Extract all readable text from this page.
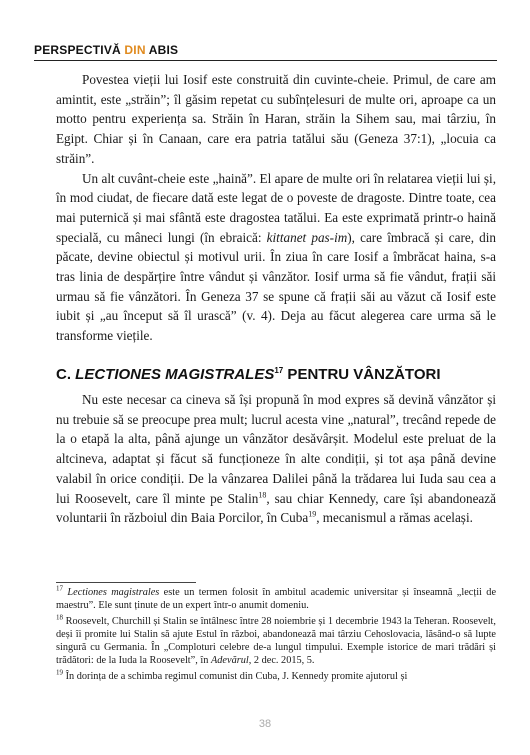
PERSPECTIVĂ DIN ABIS

Povestea vieții lui Iosif este construită din cuvinte-cheie. Primul, de care am amintit, este „străin”; îl găsim repetat cu subînțelesuri de multe ori, aproape ca un motto pentru experiența sa. Străin în Haran, străin la Sihem sau, mai târziu, în Egipt. Chiar și în Canaan, care era patria tatălui său (Geneza 37:1), „locuia ca străin”.

Un alt cuvânt-cheie este „haină”. El apare de multe ori în relatarea vieții lui și, în mod ciudat, de fiecare dată este legat de o poveste de dragoste. Dintre toate, cea mai puternică și mai sfântă este dragostea tatălui. Ea este exprimată printr-o haină specială, cu mâneci lungi (în ebraică: kittanet pas-im), care îmbracă și care, din păcate, devine obiectul și motivul urii. În ziua în care Iosif a îmbrăcat haina, s-a tras linia de despărțire între vândut și vânzător. Iosif urma să fie vândut, frații săi urmau să fie vânzători. În Geneza 37 se spune că frații săi au văzut că Iosif este iubit și „au început să îl urască” (v. 4). Deja au făcut alegerea care urma să le transforme viețile.

C. LECTIONES MAGISTRALES$^{17}$ PENTRU VÂNZĂTORI

Nu este necesar ca cineva să își propună în mod expres să devină vânzător și nu trebuie să se preocupe prea mult; lucrul acesta vine „natural”, trecând repede de la o etapă la alta, până ajunge un vânzător desăvârșit. Modelul este preluat de la altcineva, adaptat și făcut să funcționeze în alte condiții, și tot așa până devine valabil în orice condiții. De la vânzarea Dalilei până la trădarea lui Iuda sau cea a lui Roosevelt, care îl minte pe Stalin$^{18}$, sau chiar Kennedy, care își abandonează voluntarii în războiul din Baia Porcilor, în Cuba$^{19}$, mecanismul a rămas același.

$^{17}$ Lectiones magistrales este un termen folosit în ambitul academic universitar și înseamnă „lecții de maestru”. Ele sunt ținute de un expert într-o anumit domeniu.

$^{18}$ Roosevelt, Churchill și Stalin se întâlnesc între 28 noiembrie și 1 decembrie 1943 la Teheran. Roosevelt, deși îi promite lui Stalin să ajute Estul în război, abandonează mai târziu Cehoslovacia, lăsând-o să lupte singură cu Germania. În „Comploturi celebre de-a lungul timpului. Exemple istorice de mari trădări și trădători: de la Iuda la Roosevelt”, în Adevărul, 2 dec. 2015, 5.

$^{19}$ În dorința de a schimba regimul comunist din Cuba, J. Kennedy promite ajutorul și

38
